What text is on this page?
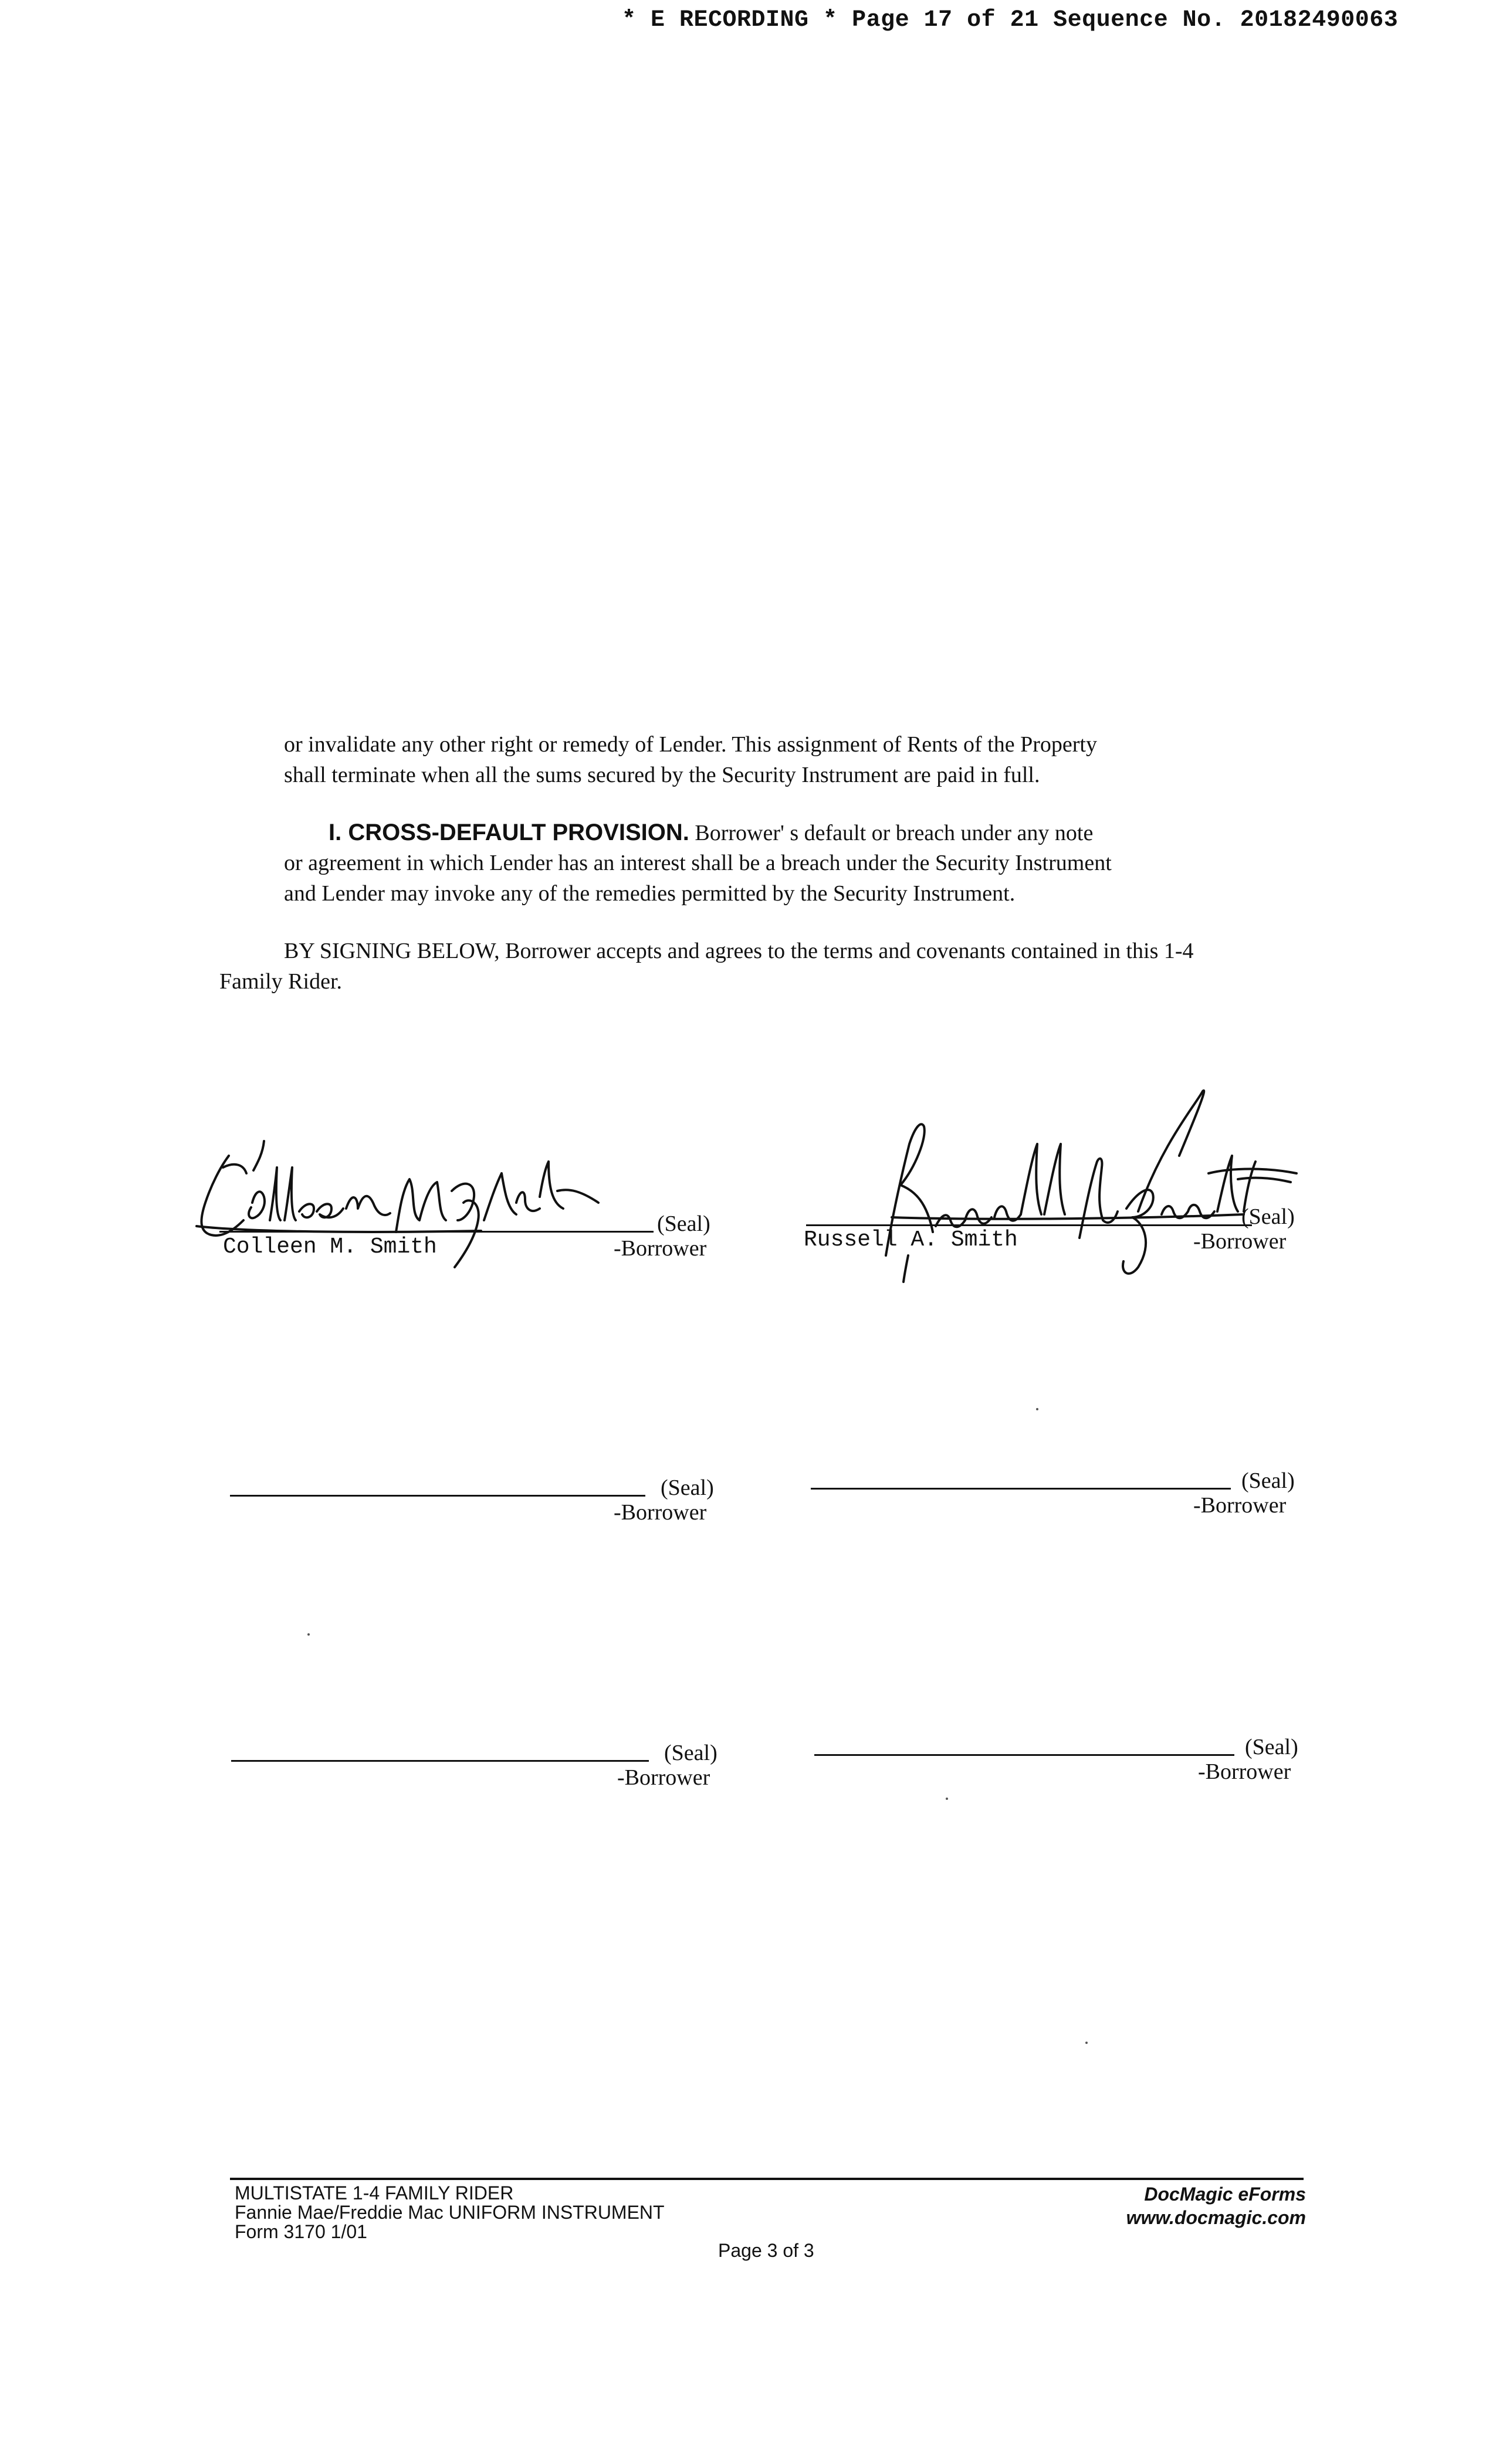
* E RECORDING * Page 17 of 21 Sequence No. 20182490063
or invalidate any other right or remedy of Lender. This assignment of Rents of the Property
shall terminate when all the sums secured by the Security Instrument are paid in full.
I. CROSS-DEFAULT PROVISION. Borrower' s default or breach under any note
or agreement in which Lender has an interest shall be a breach under the Security Instrument
and Lender may invoke any of the remedies permitted by the Security Instrument.
BY SIGNING BELOW, Borrower accepts and agrees to the terms and covenants contained in this 1-4
Family Rider.
(Seal)
Colleen M. Smith	-Borrower
(Seal)
Russell A. Smith	-Borrower
(Seal)
-Borrower
(Seal)
-Borrower
(Seal)
-Borrower
(Seal)
-Borrower
MULTISTATE 1-4 FAMILY RIDER
Fannie Mae/Freddie Mac UNIFORM INSTRUMENT
Form 3170 1/01
Page 3 of 3
DocMagic eForms
www.docmagic.com
